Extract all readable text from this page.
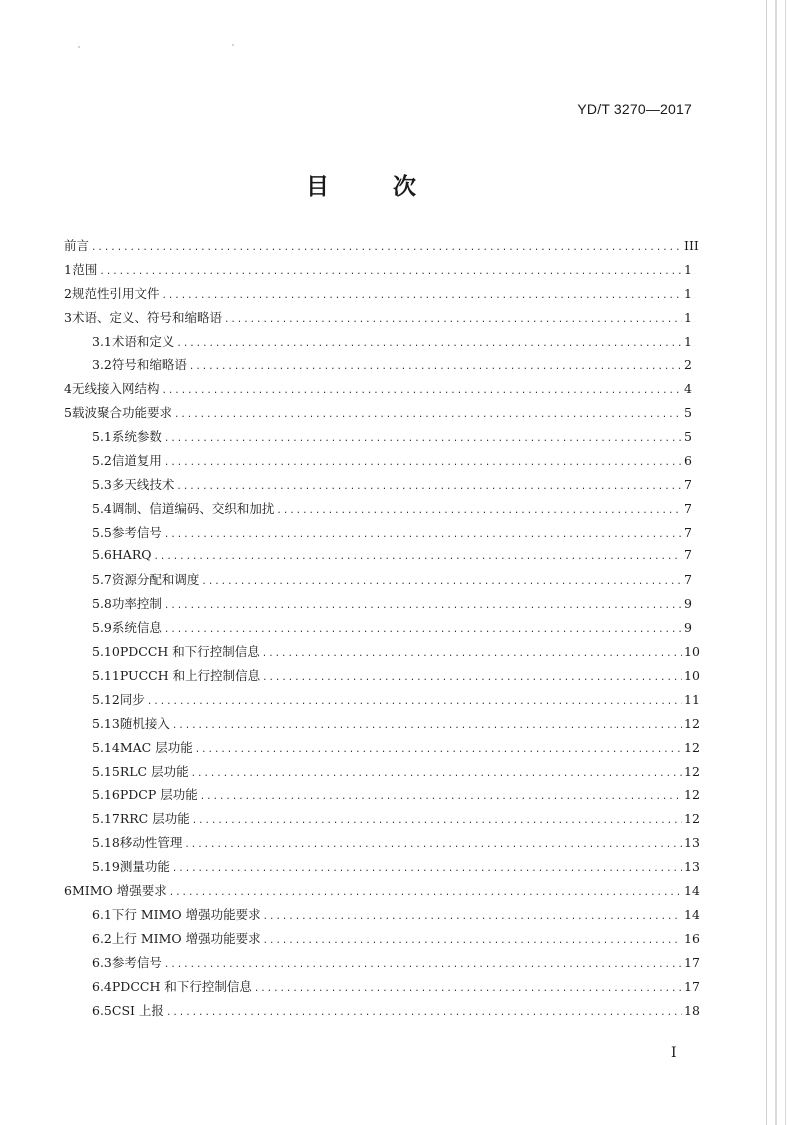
YD/T 3270—2017
目 次
前言 .....	III
1 范围 .....	1
2 规范性引用文件 .....	1
3 术语、定义、符号和缩略语 .....	1
3.1 术语和定义 .....	1
3.2 符号和缩略语 .....	2
4 无线接入网结构 .....	4
5 载波聚合功能要求 .....	5
5.1 系统参数 .....	5
5.2 信道复用 .....	6
5.3 多天线技术 .....	7
5.4 调制、信道编码、交织和加扰 .....	7
5.5 参考信号 .....	7
5.6 HARQ .....	7
5.7 资源分配和调度 .....	7
5.8 功率控制 .....	9
5.9 系统信息 .....	9
5.10 PDCCH 和下行控制信息 .....	10
5.11 PUCCH 和上行控制信息 .....	10
5.12 同步 .....	11
5.13 随机接入 .....	12
5.14 MAC 层功能 .....	12
5.15 RLC 层功能 .....	12
5.16 PDCP 层功能 .....	12
5.17 RRC 层功能 .....	12
5.18 移动性管理 .....	13
5.19 测量功能 .....	13
6 MIMO 增强要求 .....	14
6.1 下行 MIMO 增强功能要求 .....	14
6.2 上行 MIMO 增强功能要求 .....	16
6.3 参考信号 .....	17
6.4 PDCCH 和下行控制信息 .....	17
6.5 CSI 上报 .....	18
I
